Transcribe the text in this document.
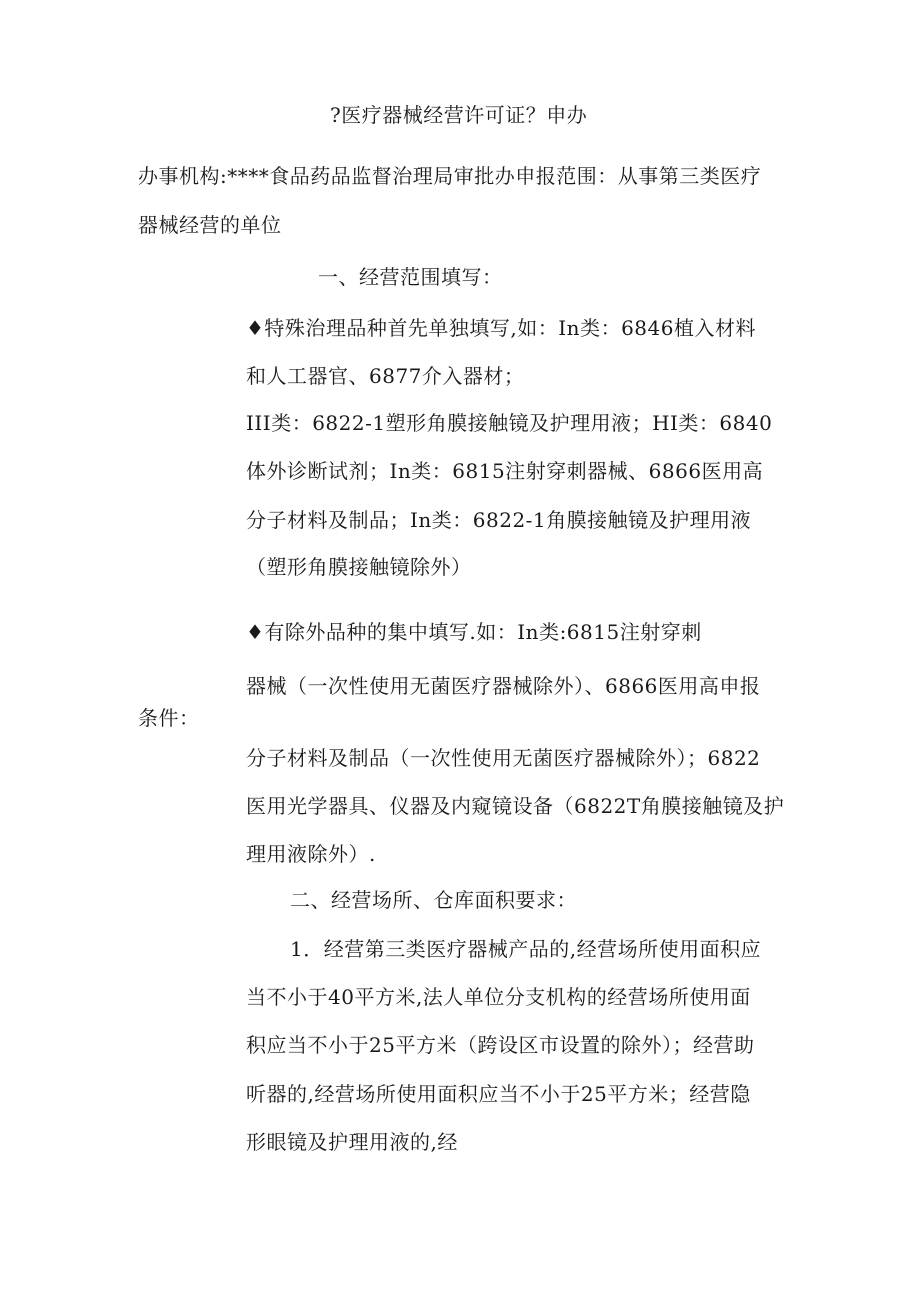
?医疗器械经营许可证？申办
办事机构:****食品药品监督治理局审批办申报范围：从事第三类医疗
器械经营的单位
一、经营范围填写：
♦特殊治理品种首先单独填写,如：In类：6846植入材料
和人工器官、6877介入器材；
III类：6822-1塑形角膜接触镜及护理用液；HI类：6840
体外诊断试剂；In类：6815注射穿刺器械、6866医用高
分子材料及制品；In类：6822-1角膜接触镜及护理用液
（塑形角膜接触镜除外）
♦有除外品种的集中填写.如：In类:6815注射穿刺
器械（一次性使用无菌医疗器械除外）、6866医用高申报
条件：
分子材料及制品（一次性使用无菌医疗器械除外）；6822
医用光学器具、仪器及内窥镜设备（6822T角膜接触镜及护
理用液除外）.
二、经营场所、仓库面积要求：
1．经营第三类医疗器械产品的,经营场所使用面积应
当不小于40平方米,法人单位分支机构的经营场所使用面
积应当不小于25平方米（跨设区市设置的除外）；经营助
听器的,经营场所使用面积应当不小于25平方米；经营隐
形眼镜及护理用液的,经
